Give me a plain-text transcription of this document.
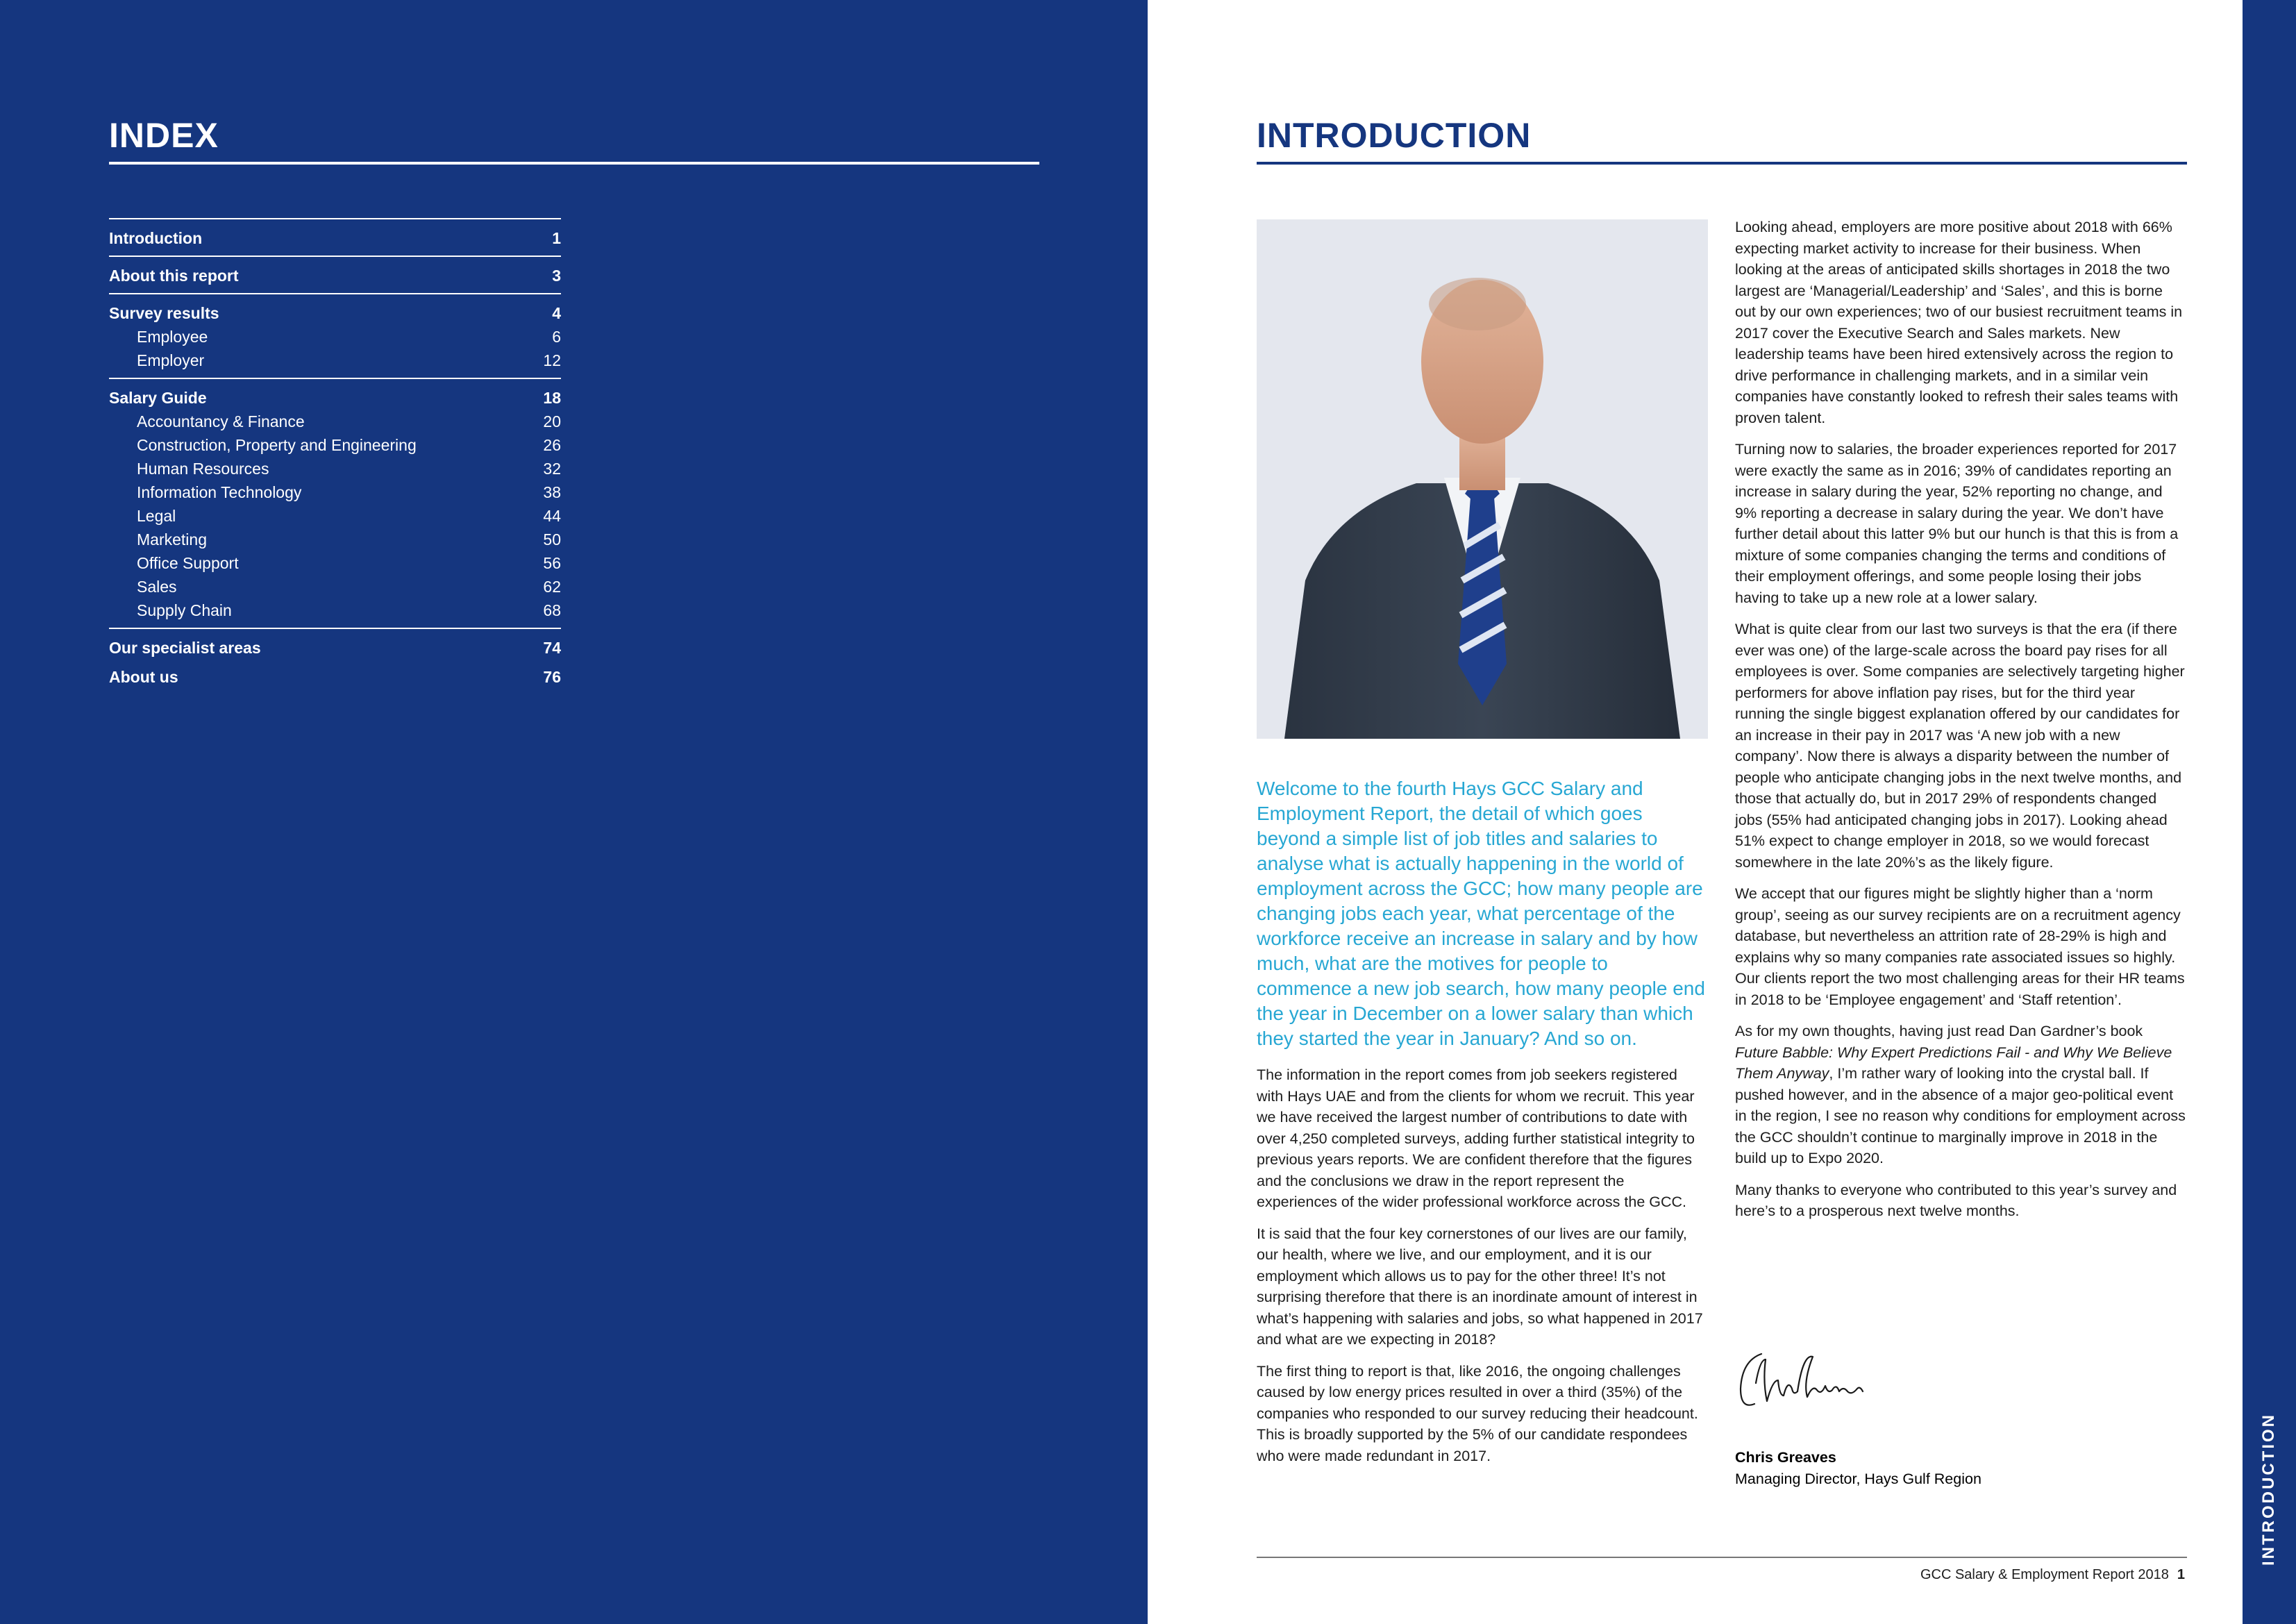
INDEX
Introduction	1
About this report	3
Survey results	4
Employee	6
Employer	12
Salary Guide	18
Accountancy & Finance	20
Construction, Property and Engineering	26
Human Resources	32
Information Technology	38
Legal	44
Marketing	50
Office Support	56
Sales	62
Supply Chain	68
Our specialist areas	74
About us	76
INTRODUCTION

Welcome to the fourth Hays GCC Salary and Employment Report, the detail of which goes beyond a simple list of job titles and salaries to analyse what is actually happening in the world of employment across the GCC; how many people are changing jobs each year, what percentage of the workforce receive an increase in salary and by how much, what are the motives for people to commence a new job search, how many people end the year in December on a lower salary than which they started the year in January? And so on.

The information in the report comes from job seekers registered with Hays UAE and from the clients for whom we recruit. This year we have received the largest number of contributions to date with over 4,250 completed surveys, adding further statistical integrity to previous years reports. We are confident therefore that the figures and the conclusions we draw in the report represent the experiences of the wider professional workforce across the GCC.

It is said that the four key cornerstones of our lives are our family, our health, where we live, and our employment, and it is our employment which allows us to pay for the other three! It’s not surprising therefore that there is an inordinate amount of interest in what’s happening with salaries and jobs, so what happened in 2017 and what are we expecting in 2018?

The first thing to report is that, like 2016, the ongoing challenges caused by low energy prices resulted in over a third (35%) of the companies who responded to our survey reducing their headcount. This is broadly supported by the 5% of our candidate respondees who were made redundant in 2017.

Looking ahead, employers are more positive about 2018 with 66% expecting market activity to increase for their business. When looking at the areas of anticipated skills shortages in 2018 the two largest are ‘Managerial/Leadership’ and ‘Sales’, and this is borne out by our own experiences; two of our busiest recruitment teams in 2017 cover the Executive Search and Sales markets. New leadership teams have been hired extensively across the region to drive performance in challenging markets, and in a similar vein companies have constantly looked to refresh their sales teams with proven talent.

Turning now to salaries, the broader experiences reported for 2017 were exactly the same as in 2016; 39% of candidates reporting an increase in salary during the year, 52% reporting no change, and 9% reporting a decrease in salary during the year. We don’t have further detail about this latter 9% but our hunch is that this is from a mixture of some companies changing the terms and conditions of their employment offerings, and some people losing their jobs having to take up a new role at a lower salary.

What is quite clear from our last two surveys is that the era (if there ever was one) of the large-scale across the board pay rises for all employees is over. Some companies are selectively targeting higher performers for above inflation pay rises, but for the third year running the single biggest explanation offered by our candidates for an increase in their pay in 2017 was ‘A new job with a new company’. Now there is always a disparity between the number of people who anticipate changing jobs in the next twelve months, and those that actually do, but in 2017 29% of respondents changed jobs (55% had anticipated changing jobs in 2017). Looking ahead 51% expect to change employer in 2018, so we would forecast somewhere in the late 20%’s as the likely figure.

We accept that our figures might be slightly higher than a ‘norm group’, seeing as our survey recipients are on a recruitment agency database, but nevertheless an attrition rate of 28-29% is high and explains why so many companies rate associated issues so highly. Our clients report the two most challenging areas for their HR teams in 2018 to be ‘Employee engagement’ and ‘Staff retention’.

As for my own thoughts, having just read Dan Gardner’s book Future Babble: Why Expert Predictions Fail - and Why We Believe Them Anyway, I’m rather wary of looking into the crystal ball. If pushed however, and in the absence of a major geo-political event in the region, I see no reason why conditions for employment across the GCC shouldn’t continue to marginally improve in 2018 in the build up to Expo 2020.

Many thanks to everyone who contributed to this year’s survey and here’s to a prosperous next twelve months.

Chris Greaves
Managing Director, Hays Gulf Region
GCC Salary & Employment Report 2018 1
INTRODUCTION
